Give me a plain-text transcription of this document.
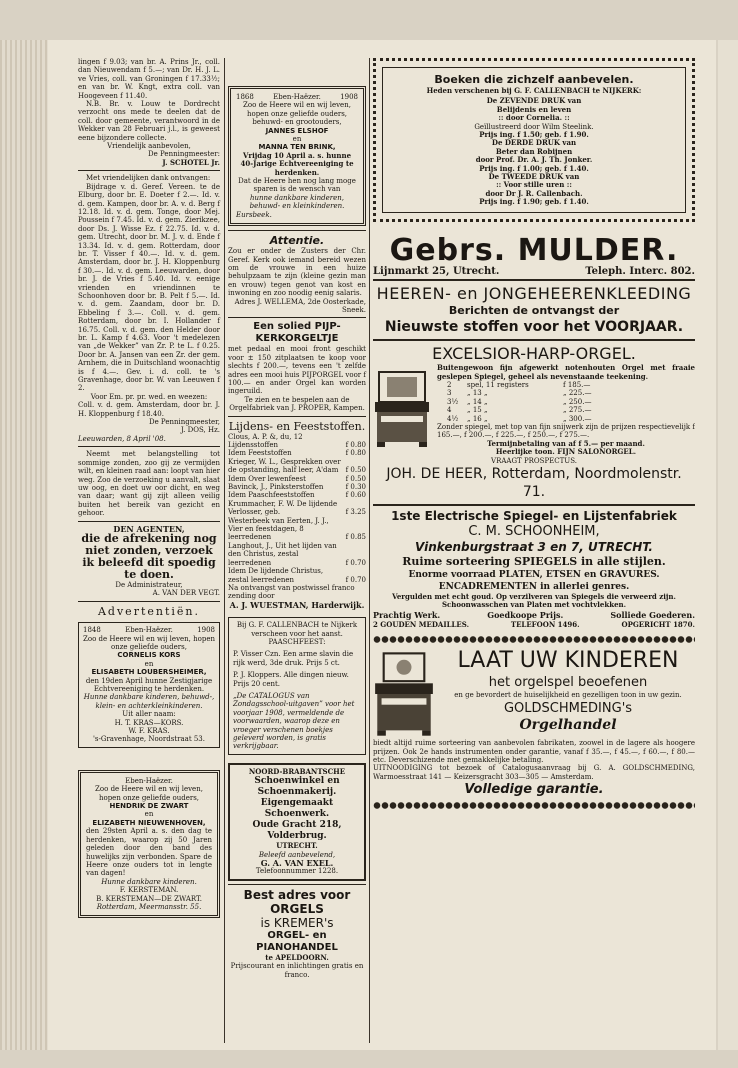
lingen f 9.03; van br. A. Prins Jr., coll. dan Nieuwendam f 5.—; van Dr. H. J. L. ve Vries, coll. van Groningen f 17.33½; en van br. W. Kngt, extra coll. van Hoogeveen f 11.40.

N.B. Br. v. Louw te Dordrecht verzocht ons mede te deelen dat de coll. door gemeente, verantwoord in de Wekker van 28 Februari j.l., is geweest eene bijzondere collecte.

Vriendelijk aanbevolen,
De Penningmeester:
J. SCHOTEL Jr.

Met vriendelijken dank ontvangen:

Bijdrage v. d. Geref. Vereen. te de Elburg, door br. E. Doeter f 2.—. Id. v. d. gem. Kampen, door br. A. v. d. Berg f 12.18. Id. v. d. gem. Tonge, door Mej. Poussein f 7.45. Id. v. d. gem. Zierikzee, door Ds. J. Wisse Ez. f 22.75. Id. v. d. gem. Utrecht, door br. M. J. v. d. Ende f 13.34. Id. v. d. gem. Rotterdam, door br. T. Visser f 40.—. Id. v. d. gem. Amsterdam, door br. J. H. Kloppenburg f 30.—. Id. v. d. gem. Leeuwarden, door br. J. de Vries f 5.40. Id. v. eenige vrienden en vriendinnen te Schoonhoven door br. B. Pelt f 5.—. Id. v. d. gem. Zaandam, door br. D. Ebbeling f 3.—. Coll. v. d. gem. Rotterdam, door br. I. Hollander f 16.75. Coll. v. d. gem. den Helder door br. L. Kamp f 4.63. Voor 't medelezen van „de Wekker” van Zr. P. te L. f 0.25. Door br. A. Jansen van een Zr. der gem. Arnhem, die in Duitschland woonachtig is f 4.—. Gev. i. d. coll. te 's Gravenhage, door br. W. van Leeuwen f 2.

Voor Em. pr. pr. wed. en weezen:

Coll. v. d. gem. Amsterdam, door br. J. H. Kloppenburg f 18.40.

De Penningmeester,
J. DOS, Hz.
Leeuwarden, 8 April '08.

Neemt met belangstelling tot sommige zonden, zoo gij ze vermijden wilt, en kleinen raad aan: loopt van hier weg. Zoo de verzoeking u aanvalt, slaat uw oog, en doet uw oor dicht, en weg van daar; want gij zijt alleen veilig buiten het bereik van gezicht en gehoor.

DEN AGENTEN,
die de afrekening nog niet zonden, verzoek ik beleefd dit spoedig te doen.
De Administrateur,
A. VAN DER VEGT.
Advertentiën.
1848	Eben-Haëzer.	1908
Zoo de Heere wil en wij leven, hopen onze geliefde ouders,
CORNELIS KORS
en
ELISABETH LOUBERSHEIMER,
den 19den April hunne Zestigjarige Echtvereeniging te herdenken.
Hunne dankbare kinderen, behuwd-, klein- en achterkleinkinderen.
Uit aller naam:
H. T. KRAS—KORS.
W. F. KRAS.
's-Gravenhage, Noordstraat 53.
Eben-Haëzer.
Zoo de Heere wil en wij leven, hopen onze geliefde ouders,
HENDRIK DE ZWART
en
ELIZABETH NIEUWENHOVEN,

den 29sten April a. s. den dag te herdenken, waarop zij 50 Jaren geleden door den band des huwelijks zijn verbonden. Spare de Heere onze ouders tot in lengte van dagen!

Hunne dankbare kinderen.
F. KERSTEMAN.
B. KERSTEMAN—DE ZWART.
Rotterdam, Meermansstr. 55.
1868	Eben-Haëzer.	1908
Zoo de Heere wil en wij leven, hopen onze geliefde ouders, behuwd- en grootouders,
JANNES ELSHOF
en
MANNA TEN BRINK,
Vrijdag 10 April a. s. hunne 40-Jarige Echtvereeniging te herdenken.
Dat de Heere hen nog lang moge sparen is de wensch van
hunne dankbare kinderen, behuwd- en kleinkinderen.
Eursbeek.
Attentie.

Zou er onder de Zusters der Chr. Geref. Kerk ook iemand bereid wezen om de vrouwe in een huize behulpzaam te zijn (kleine gezin man en vrouw) tegen genot van kost en inwoning en zoo noodig eenig salaris.

Adres J. WELLEMA, 2de Oosterkade, Sneek.
Een solied PIJP-KERKORGELTJE

met pedaal en mooi front geschikt voor ± 150 zitplaatsen te koop voor slechts f 200.—, tevens een 't zelfde adres een mooi huis PIJPORGEL voor f 100.— en ander Orgel kan worden ingeruild.

Te zien en te bespelen aan de Orgelfabriek van J. PROPER, Kampen.
Lijdens- en Feeststoffen.
Clous, A. P. &, du, 12 Lijdensstoffen	f 0.80
Idem Feeststoffen	f 0.80
Krieger, W. L., Gesprekken over de opstanding, half leer, A'dam	f 0.50
Idem Over lewenfeest	f 0.50
Bavinck, J., Pinksterstoffen	f 0.30
Idem Paaschfeeststoffen	f 0.60
Krummacher, F. W. De lijdende Verlosser, geb.	f 3.25
Westerbeek van Eerten, J. J., Vier en feestdagen, 8 leerredenen	f 0.85
Langhout, J., Uit het lijden van den Christus, zestal leerredenen	f 0.70
Idem De lijdende Christus, zestal leerredenen	f 0.70
Na ontvangst van postwissel franco zending door
A. J. WUESTMAN, Harderwijk.
Bij G. F. CALLENBACH te Nijkerk verscheen voor het aanst. PAASCHFEEST:
P. Visser Czn. Een arme slavin die rijk werd, 3de druk. Prijs 5 ct.
P. J. Kloppers. Alle dingen nieuw. Prijs 20 cent.
„De CATALOGUS van Zondagsschool-uitgaven” voor het voorjaar 1908, vermeldende de voorwaarden, waarop deze en vroeger verschenen boekjes geleverd worden, is gratis verkrijgbaar.
NOORD-BRABANTSCHE
Schoenwinkel en Schoenmakerij.
Eigengemaakt Schoenwerk.
Oude Gracht 218, Volderbrug.
UTRECHT.
Beleefd aanbevelend,
G. A. VAN EXEL.
Telefoonnummer 1228.
Best adres voor ORGELS
is KREMER's
ORGEL- en PIANOHANDEL
te APELDOORN.
Prijscourant en inlichtingen gratis en franco.
Boeken die zichzelf aanbevelen.
Heden verschenen bij G. F. CALLENBACH te NIJKERK:
De ZEVENDE DRUK van
Belijdenis en leven
:: door Cornelia. ::
Geïllustreerd door Wilm Steelink.
Prijs ing. f 1.50; geb. f 1.90.
De DERDE DRUK van
Beter dan Robijnen
door Prof. Dr. A. J. Th. Jonker.
Prijs ing. f 1.00; geb. f 1.40.
De TWEEDE DRUK van
:: Voor stille uren ::
door Dr J. R. Callenbach.
Prijs ing. f 1.90; geb. f 1.40.
Gebrs. MULDER.
Lijnmarkt 25, Utrecht.	Teleph. Interc. 802.
HEEREN- en JONGEHEERENKLEEDING
Berichten de ontvangst der
Nieuwste stoffen voor het VOORJAAR.
EXCELSIOR-HARP-ORGEL.
Buitengewoon fijn afgewerkt notenhouten Orgel met fraaie geslepen Spiegel, geheel als nevenstaande teekening.
2	spel, 11 registers	f 185.—
3	„ 13 „	„ 225.—
3½	„ 14 „	„ 250.—
4	„ 15 „	„ 275.—
4½	„ 16 „	„ 300.—
Zonder spiegel, met top van fijn snijwerk zijn de prijzen respectievelijk f 165.—, f 200.—, f 225.—, f 250.—, f 275.—.
Termijnbetaling van af f 5.— per maand.
Heerlijke toon. FIJN SALONORGEL.
VRAAGT PROSPECTUS.
JOH. DE HEER, Rotterdam, Noordmolenstr. 71.
1ste Electrische Spiegel- en Lijstenfabriek
C. M. SCHOONHEIM,
Vinkenburgstraat 3 en 7, UTRECHT.
Ruime sorteering SPIEGELS in alle stijlen.
Enorme voorraad PLATEN, ETSEN en GRAVURES.
ENCADREMENTEN in allerlei genres.
Vergulden met echt goud. Op verzilveren van Spiegels die verweerd zijn. Schoonwasschen van Platen met vochtvlekken.
Prachtig Werk.	Goedkoope Prijs.	Solliede Goederen.
2 GOUDEN MEDAILLES.	TELEFOON 1496.	OPGERICHT 1870.
LAAT UW KINDEREN
het orgelspel beoefenen
en ge bevordert de huiselijkheid en gezelligen toon in uw gezin.
GOLDSCHMEDING's
Orgelhandel

biedt altijd ruime sorteering van aanbevolen fabrikaten, zoowel in de lagere als hoogere prijzen. Ook 2e hands instrumenten onder garantie, vanaf f 35.—, f 45.—, f 60.—, f 80.— etc. Deverschizende met gemakkelijke betaling.

UITNOODIGING tot bezoek of Catalogusaanvraag bij G. A. GOLDSCHMEDING, Warmoesstraat 141 — Keizersgracht 303—305 — Amsterdam.

Volledige garantie.
